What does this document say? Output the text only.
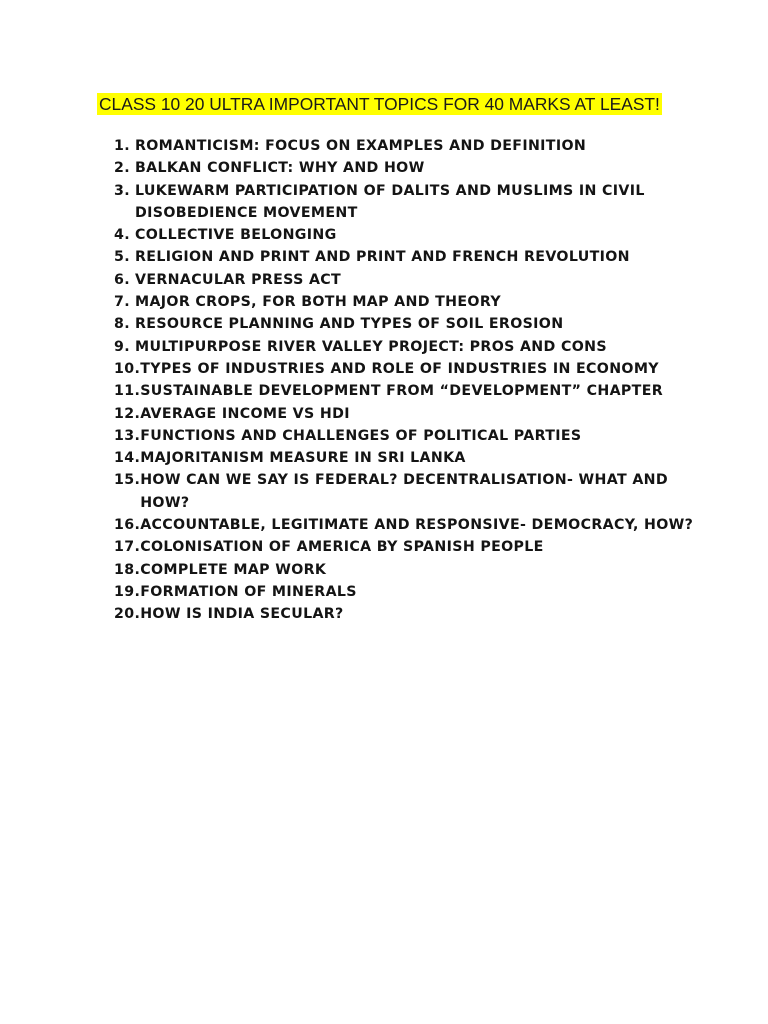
CLASS 10 20 ULTRA IMPORTANT TOPICS FOR 40 MARKS AT LEAST!
1. ROMANTICISM: FOCUS ON EXAMPLES AND DEFINITION
2. BALKAN CONFLICT: WHY AND HOW
3. LUKEWARM PARTICIPATION OF DALITS AND MUSLIMS IN CIVIL DISOBEDIENCE MOVEMENT
4. COLLECTIVE BELONGING
5. RELIGION AND PRINT AND PRINT AND FRENCH REVOLUTION
6. VERNACULAR PRESS ACT
7. MAJOR CROPS, FOR BOTH MAP AND THEORY
8. RESOURCE PLANNING AND TYPES OF SOIL EROSION
9. MULTIPURPOSE RIVER VALLEY PROJECT: PROS AND CONS
10. TYPES OF INDUSTRIES AND ROLE OF INDUSTRIES IN ECONOMY
11. SUSTAINABLE DEVELOPMENT FROM “DEVELOPMENT” CHAPTER
12. AVERAGE INCOME VS HDI
13. FUNCTIONS AND CHALLENGES OF POLITICAL PARTIES
14. MAJORITANISM MEASURE IN SRI LANKA
15. HOW CAN WE SAY IS FEDERAL? DECENTRALISATION- WHAT AND HOW?
16. ACCOUNTABLE, LEGITIMATE AND RESPONSIVE- DEMOCRACY, HOW?
17. COLONISATION OF AMERICA BY SPANISH PEOPLE
18. COMPLETE MAP WORK
19. FORMATION OF MINERALS
20. HOW IS INDIA SECULAR?
